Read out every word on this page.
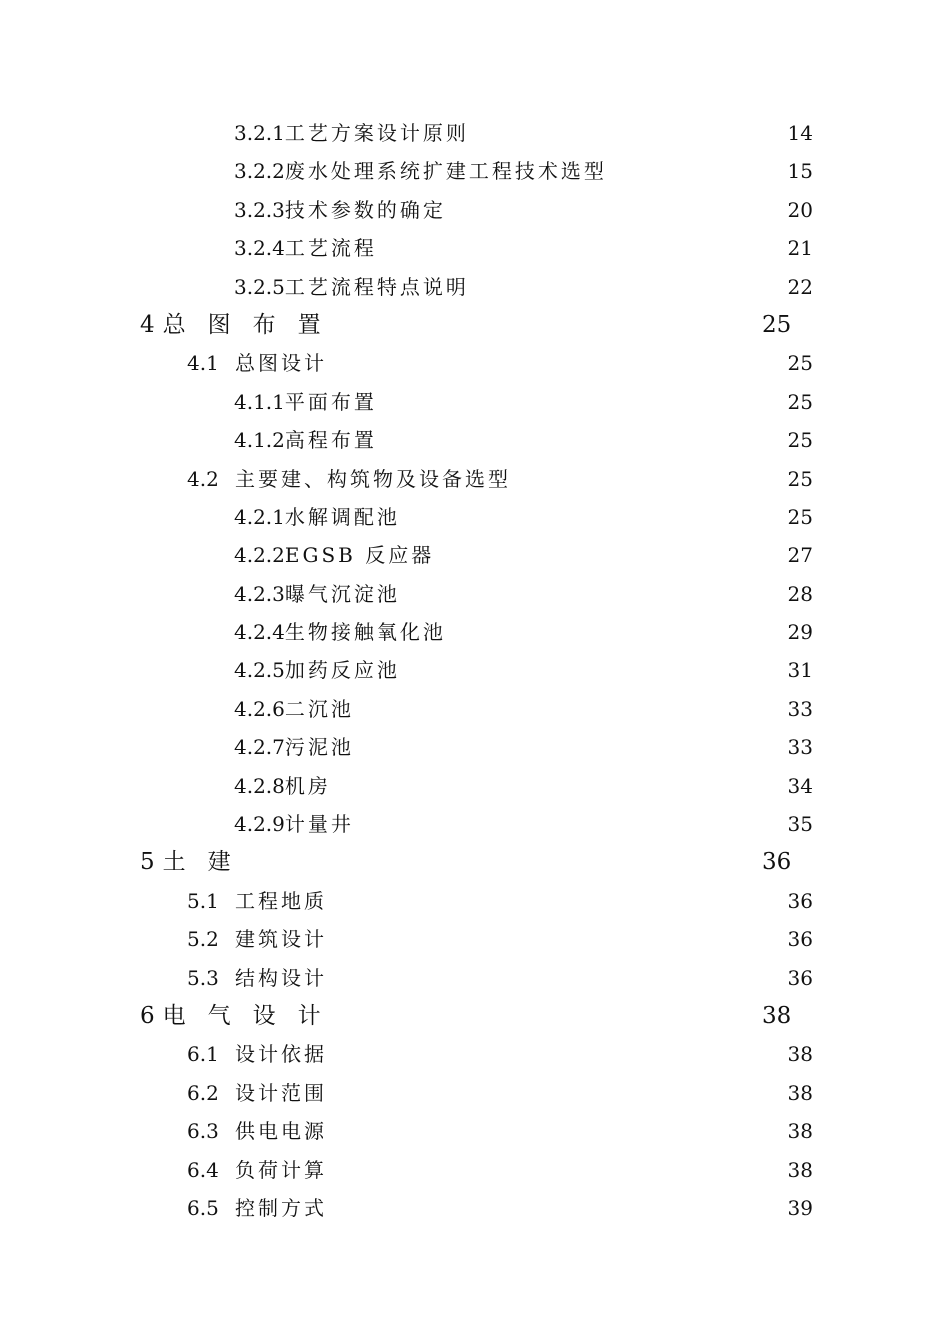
3.2.1工艺方案设计原则	14
3.2.2废水处理系统扩建工程技术选型	15
3.2.3技术参数的确定	20
3.2.4工艺流程	21
3.2.5工艺流程特点说明	22
4 总图布置	25
4.1 总图设计	25
4.1.1平面布置	25
4.1.2高程布置	25
4.2 主要建、构筑物及设备选型	25
4.2.1水解调配池	25
4.2.2EGSB 反应器	27
4.2.3曝气沉淀池	28
4.2.4生物接触氧化池	29
4.2.5加药反应池	31
4.2.6二沉池	33
4.2.7污泥池	33
4.2.8机房	34
4.2.9计量井	35
5 土建	36
5.1 工程地质	36
5.2 建筑设计	36
5.3 结构设计	36
6 电气设计	38
6.1 设计依据	38
6.2 设计范围	38
6.3 供电电源	38
6.4 负荷计算	38
6.5 控制方式	39
